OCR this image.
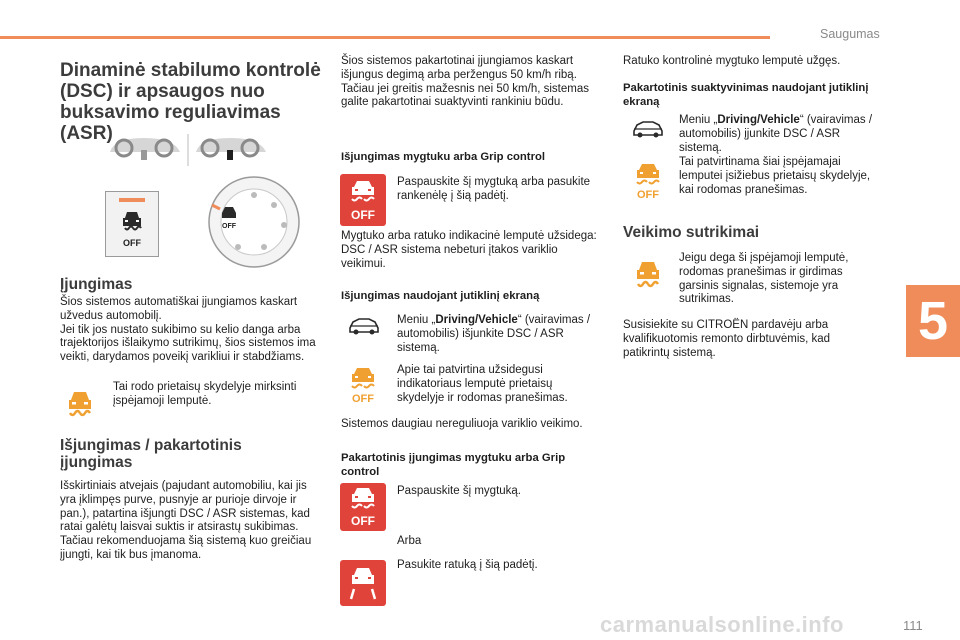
Saugumas
5
carmanualsonline.info	111
Dinaminė stabilumo kontrolė (DSC) ir apsaugos nuo buksavimo reguliavimas (ASR)
OFF
OFF
Įjungimas
Šios sistemos automatiškai įjungiamos kaskart užvedus automobilį.
Jei tik jos nustato sukibimo su kelio danga arba trajektorijos išlaikymo sutrikimų, šios sistemos ima veikti, darydamos poveikį varikliui ir stabdžiams.
Tai rodo prietaisų skydelyje mirksinti įspėjamoji lemputė.
Išjungimas / pakartotinis įjungimas
Išskirtiniais atvejais (pajudant automobiliu, kai jis yra įklimpęs purve, pusnyje ar purioje dirvoje ir pan.), patartina išjungti DSC / ASR sistemas, kad ratai galėtų laisvai suktis ir atsirastų sukibimas.
Tačiau rekomenduojama šią sistemą kuo greičiau įjungti, kai tik bus įmanoma.
Šios sistemos pakartotinai įjungiamos kaskart išjungus degimą arba peržengus 50 km/h ribą.
Tačiau jei greitis mažesnis nei 50 km/h, sistemas galite pakartotinai suaktyvinti rankiniu būdu.
Išjungimas mygtuku arba Grip control
OFF
Paspauskite šį mygtuką arba pasukite rankenėlę į šią padėtį.
Mygtuko arba ratuko indikacinė lemputė užsidega: DSC / ASR sistema nebeturi įtakos variklio veikimui.
Išjungimas naudojant jutiklinį ekraną
Meniu „Driving/Vehicle“ (vairavimas / automobilis) išjunkite DSC / ASR sistemą.
OFF
Apie tai patvirtina užsidegusi indikatoriaus lemputė prietaisų skydelyje ir rodomas pranešimas.
Sistemos daugiau nereguliuoja variklio veikimo.
Pakartotinis įjungimas mygtuku arba Grip control
OFF
Paspauskite šį mygtuką.
Arba
Pasukite ratuką į šią padėtį.
Ratuko kontrolinė mygtuko lemputė užgęs.
Pakartotinis suaktyvinimas naudojant jutiklinį ekraną
Meniu „Driving/Vehicle“ (vairavimas / automobilis) įjunkite DSC / ASR sistemą.
OFF
Tai patvirtinama šiai įspėjamajai lemputei įsižiebus prietaisų skydelyje, kai rodomas pranešimas.
Veikimo sutrikimai
Jeigu dega ši įspėjamoji lemputė, rodomas pranešimas ir girdimas garsinis signalas, sistemoje yra sutrikimas.
Susisiekite su CITROËN pardavėju arba kvalifikuotomis remonto dirbtuvėmis, kad patikrintų sistemą.
